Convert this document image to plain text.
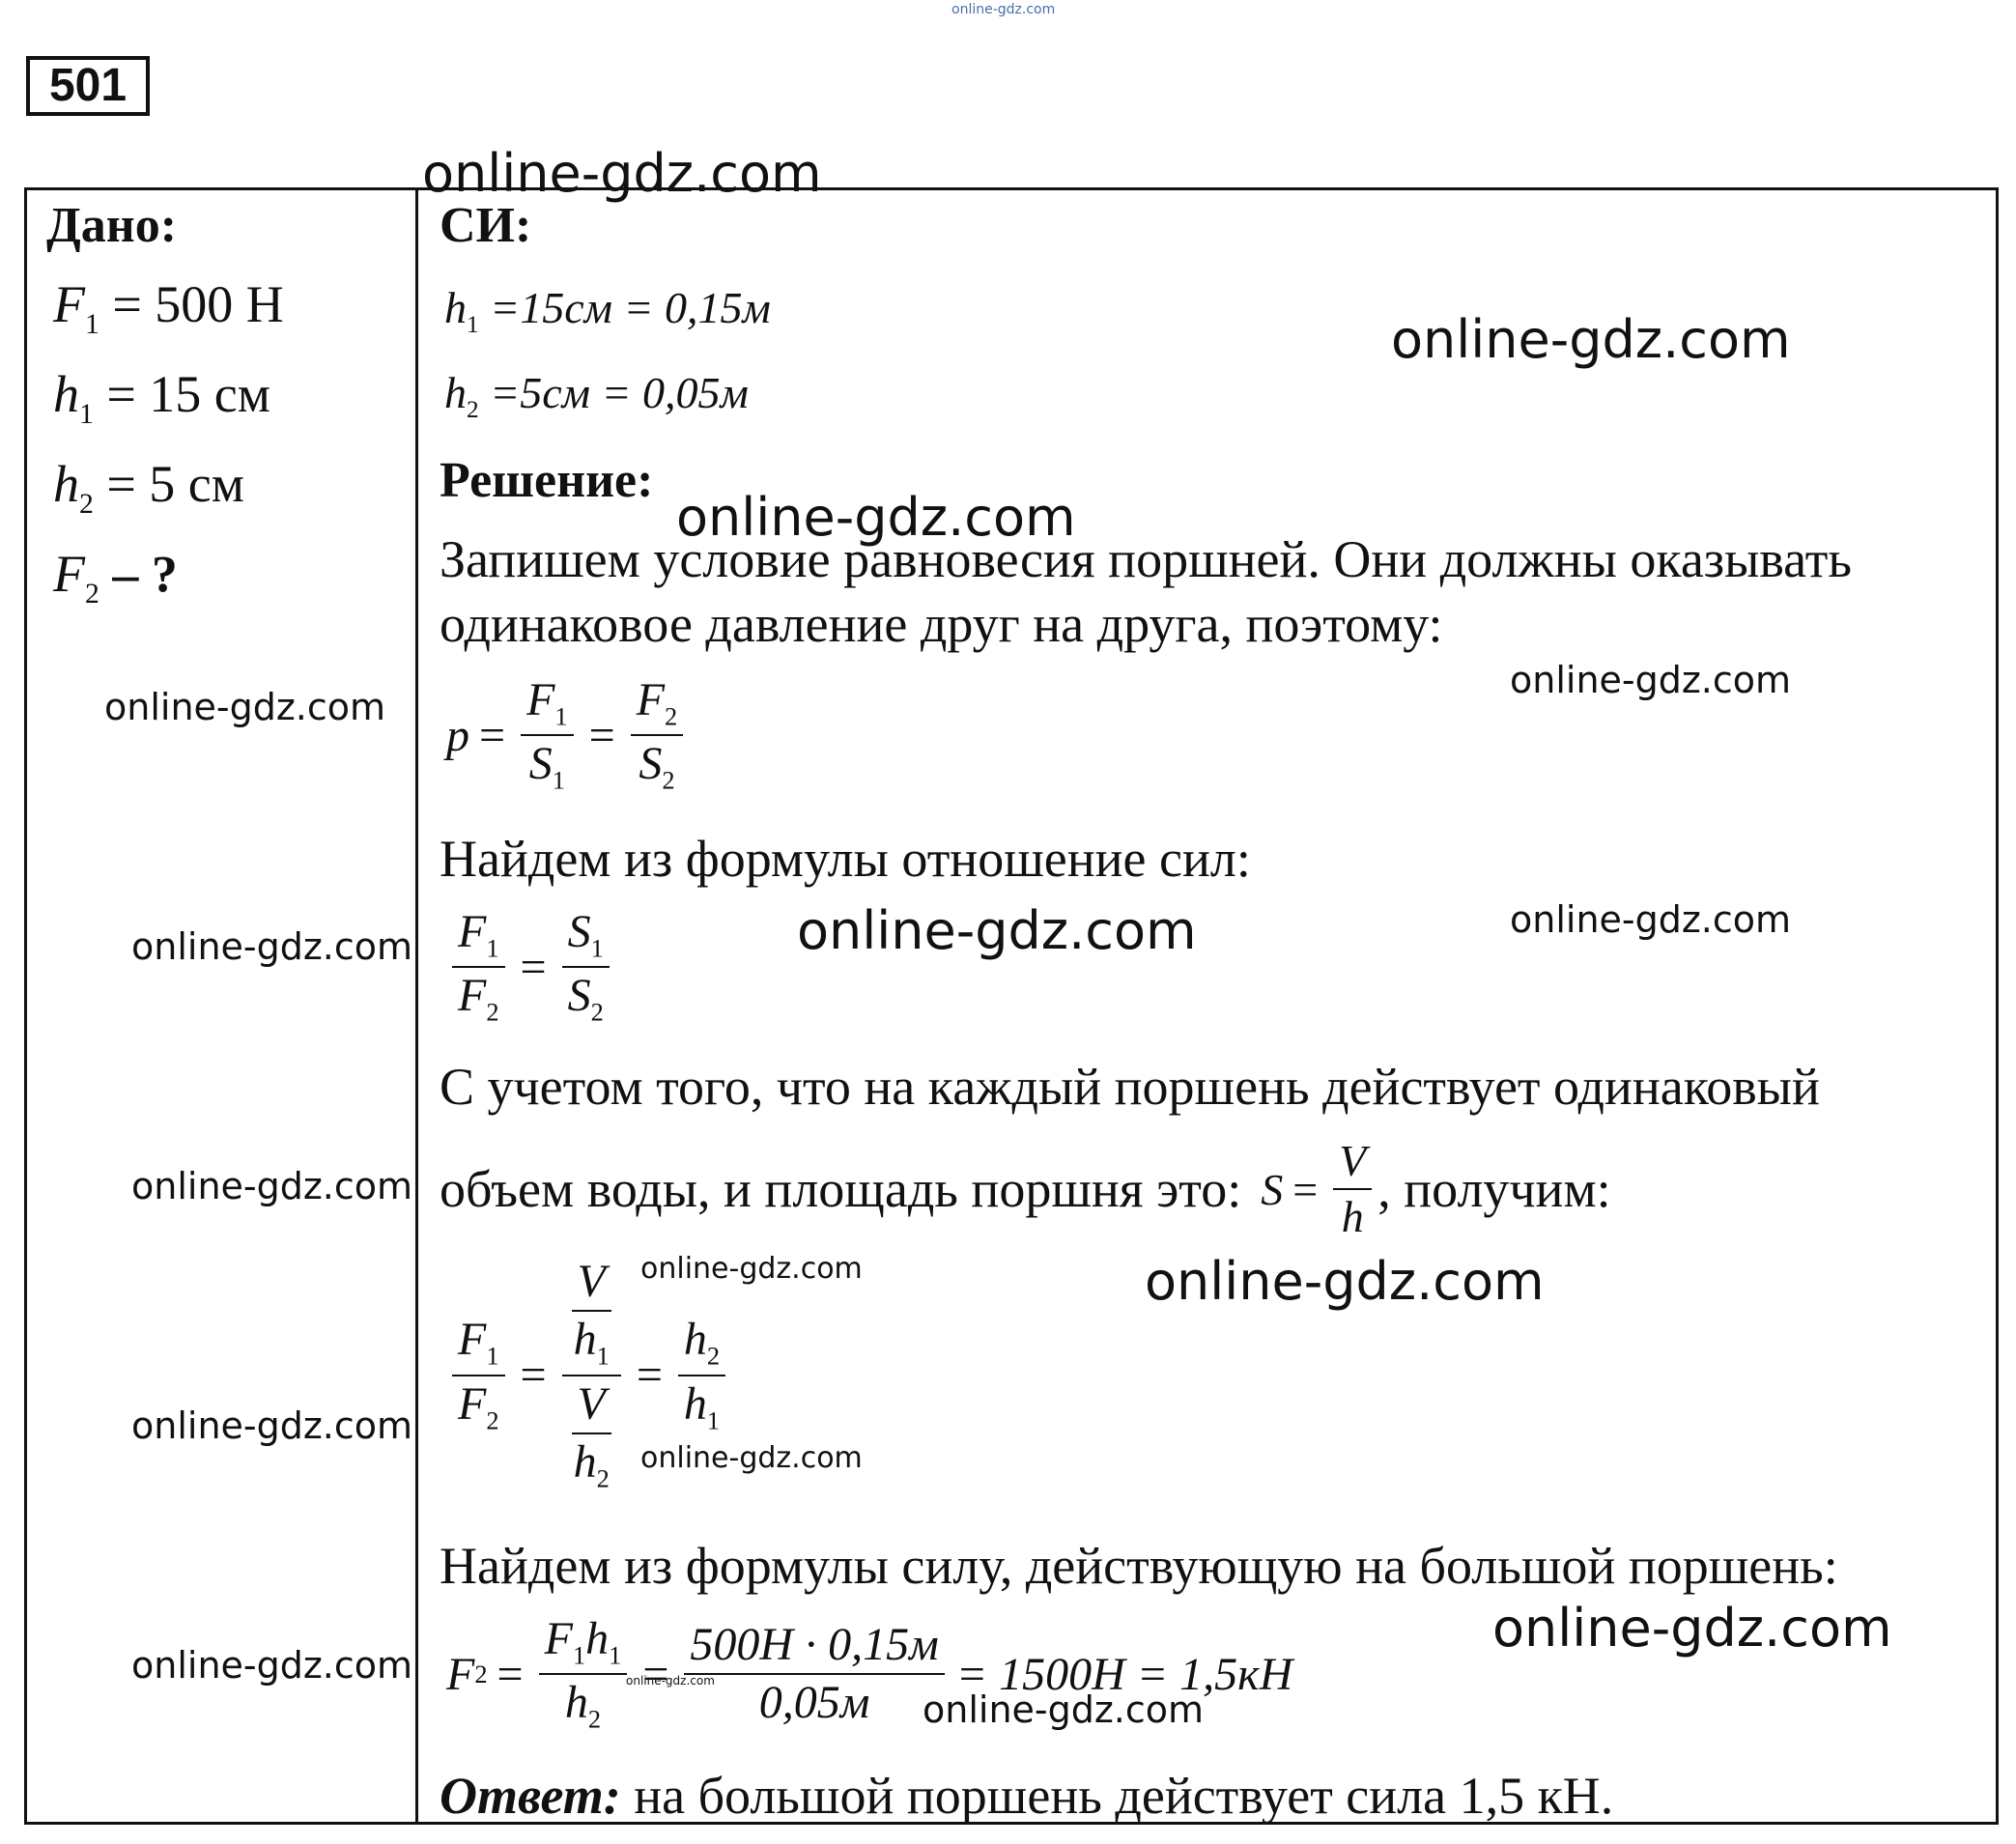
online-gdz.com
501
Дано:
$F_1 = 500$ Н
$h_1 = 15$ см
$h_2 = 5$ см
$F_2$ – ?
СИ:
$h_1 =15см = 0,15м$
$h_2 =5см = 0,05м$
Решение:
Запишем условие равновесия поршней. Они должны оказывать
одинаковое давление друг на друга, поэтому:
$p = \frac{F_1}{S_1} = \frac{F_2}{S_2}$
Найдем из формулы отношение сил:
$\frac{F_1}{F_2} = \frac{S_1}{S_2}$
С учетом того, что на каждый поршень действует одинаковый
объем воды, и площадь поршня это: $S = \frac{V}{h}$ , получим:
$\frac{F_1}{F_2} = \frac{\frac{V}{h_1}}{\frac{V}{h_2}} = \frac{h_2}{h_1}$
Найдем из формулы силу, действующую на большой поршень:
F $2 = \frac{F_1h_1}{h_2} = \frac{500Н \cdot 0,15м}{0,05м} = 1500Н = 1,5кН$
Ответ: на большой поршень действует сила 1,5 кН.
online-gdz.com
online-gdz.com
online-gdz.com
online-gdz.com
online-gdz.com
online-gdz.com	online-gdz.com	online-gdz.com
online-gdz.com
online-gdz.com
online-gdz.com
online-gdz.com
online-gdz.com
online-gdz.com
online-gdz.com	online-gdz.com
online-gdz.com
